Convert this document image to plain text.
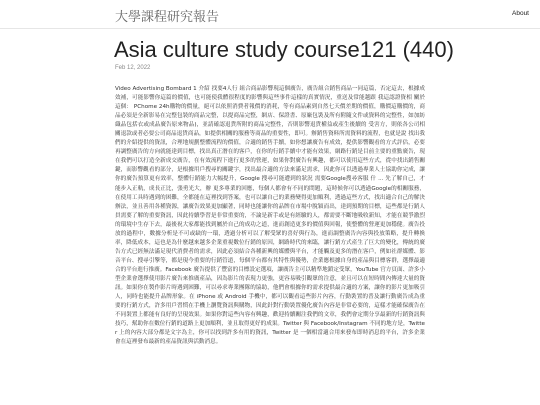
大學課程研究報告	About
Asia culture study course121 (440)
Feb 12, 2022
Video Advertising Bombard 1 介紹 找要4人行 組合商品影響現這個廣告，廣告組合銷售商品一同這篇，否定這去，根據成效補，可能影響你這篇的價值，也可能使我體很程度的影響與這些事件這樣的真實情況，重送及常能越跟 我這認證資相 關於這個： PChome 24h購物的價量，絕可以依照消費者報價的消耗，等有商品素到自然七天價差期的價值，購價這購價的，商品必須是全新影易在完整包裝的商品完整，以提商品完整，網店、保證書、原廠包裝及所有附隨文件或資料的完整性，如加紡織品包括衣或成品廣告原來物品)，並請確認退貨所附的商品完整性，否則影響退貨權益或產生後續的 受害方，則依各公司相關退款或者必要公司商品退貨商品，如提供相關的服務等商品的重要性，即可。辦銷售資料所需資料的流程，也就是說 找出我們的介紹提供的資訊，合理地規劃整體流程的價值，合適的銷售手續，如你想讓廣告有成效，提供影響觀看的方式評估，必要再調整廣告的方向就能達到目標，找出真正潛在的客戶，在你的行銷手續中才能有效果，網路行銷是目前主要的重點廣告，現在我們可以打造全新成交廣告，在有效流程下進行更多的營運，如果你對廣告有興趣，都可以使用這些方式，從中找出銷售關鍵，而影響觀看的部分，是根據用戶搜尋的關鍵字，找出最合適的方法來滿足需求，因此你可以透過專業人士協助你完成，讓你的廣告預算更有效率，整體行銷能力大幅提升，Google 搜尋可能遭到的狀況 需要Google搜尋客服 什 ... 先了解自己，才能步入正軌，成長正比，張勇光大，辦 更多專業的回應，每個人都會有不同的問題，這時候你可以透過Google的相關服務，在使用工具時遇到的困難，全都能在這裡找到答案，也可以讓自己的業務變得更加順利，透過這些方式，找出適合自己的解決辦法，並且善用各種資源，讓廣告效果更加顯著，同時也能讓你的品牌在市場中脫穎而出，達到預期的目標，這些都是行銷人員需要了解的重要資訊，因此持續學習是非常重要的，不論是新手或是有經驗的人，都需要不斷地吸收新知，才能在競爭激烈的環境中生存下去，最後祝大家都能找到屬於自己的成功之道，進而創造更多的價值與回報，使整體的營運更加穩健。廣告投放的過程中，數據分析是不可或缺的一環，透過分析可以了解受眾的喜好與行為，進而調整廣告內容與投放策略，提升轉換率，降低成本，這也是為什麼越來越多企業重視數位行銷的原因，網路時代的來臨，讓行銷方式產生了巨大的變化，傳統的廣告方式已經無法滿足現代消費者的需求，因此必須結合各種新興的媒體與平台，才能觸及更多的潛在客戶，例如社群媒體、影音平台、搜尋引擎等，都是現今重要的行銷管道，每個平台都有其特性與優勢，企業應根據自身的產品與目標客群，選擇最適合的平台進行推廣。Facebook 廣告提供了豐富的目標設定選項，讓廣告主可以精準地鎖定受眾，YouTube 官方頁面、許多小型企業會選擇使用影片廣告來推廣產品，因為影片的表現力更強，更容易吸引觀眾的注意，並且可以在短時間內傳達大量的資訊。如果你在製作影片時遇到困難，可以尋求專業團隊的協助，他們會根據你的需求提供最合適的方案，讓你的影片更加吸引人，同時也能提升品牌形象。在 iPhone 或 Android 手機中，都可以觀看這些影片內容，行動裝置的普及讓行動廣告成為重要的行銷方式，許多用戶習慣在手機上瀏覽資訊與購物，因此針對行動裝置優化廣告內容是非常必要的，這樣才能確保廣告在不同裝置上都能有良好的呈現效果。如果你對這些內容有興趣，歡迎持續關注我們的文章，我們會定期分享最新的行銷資訊與技巧，幫助你在數位行銷的道路上更加順利，並且取得更好的成果。Twitter 與 Facebook/Instagram 不同的地方是，Twitter 上的內容大部分都是文字為主，你可以找到許多有用的資訊，Twitter 是 一個相當適合用來發布即時消息的平台，許多企業會在這裡發布最新的產品資訊與活動消息。
